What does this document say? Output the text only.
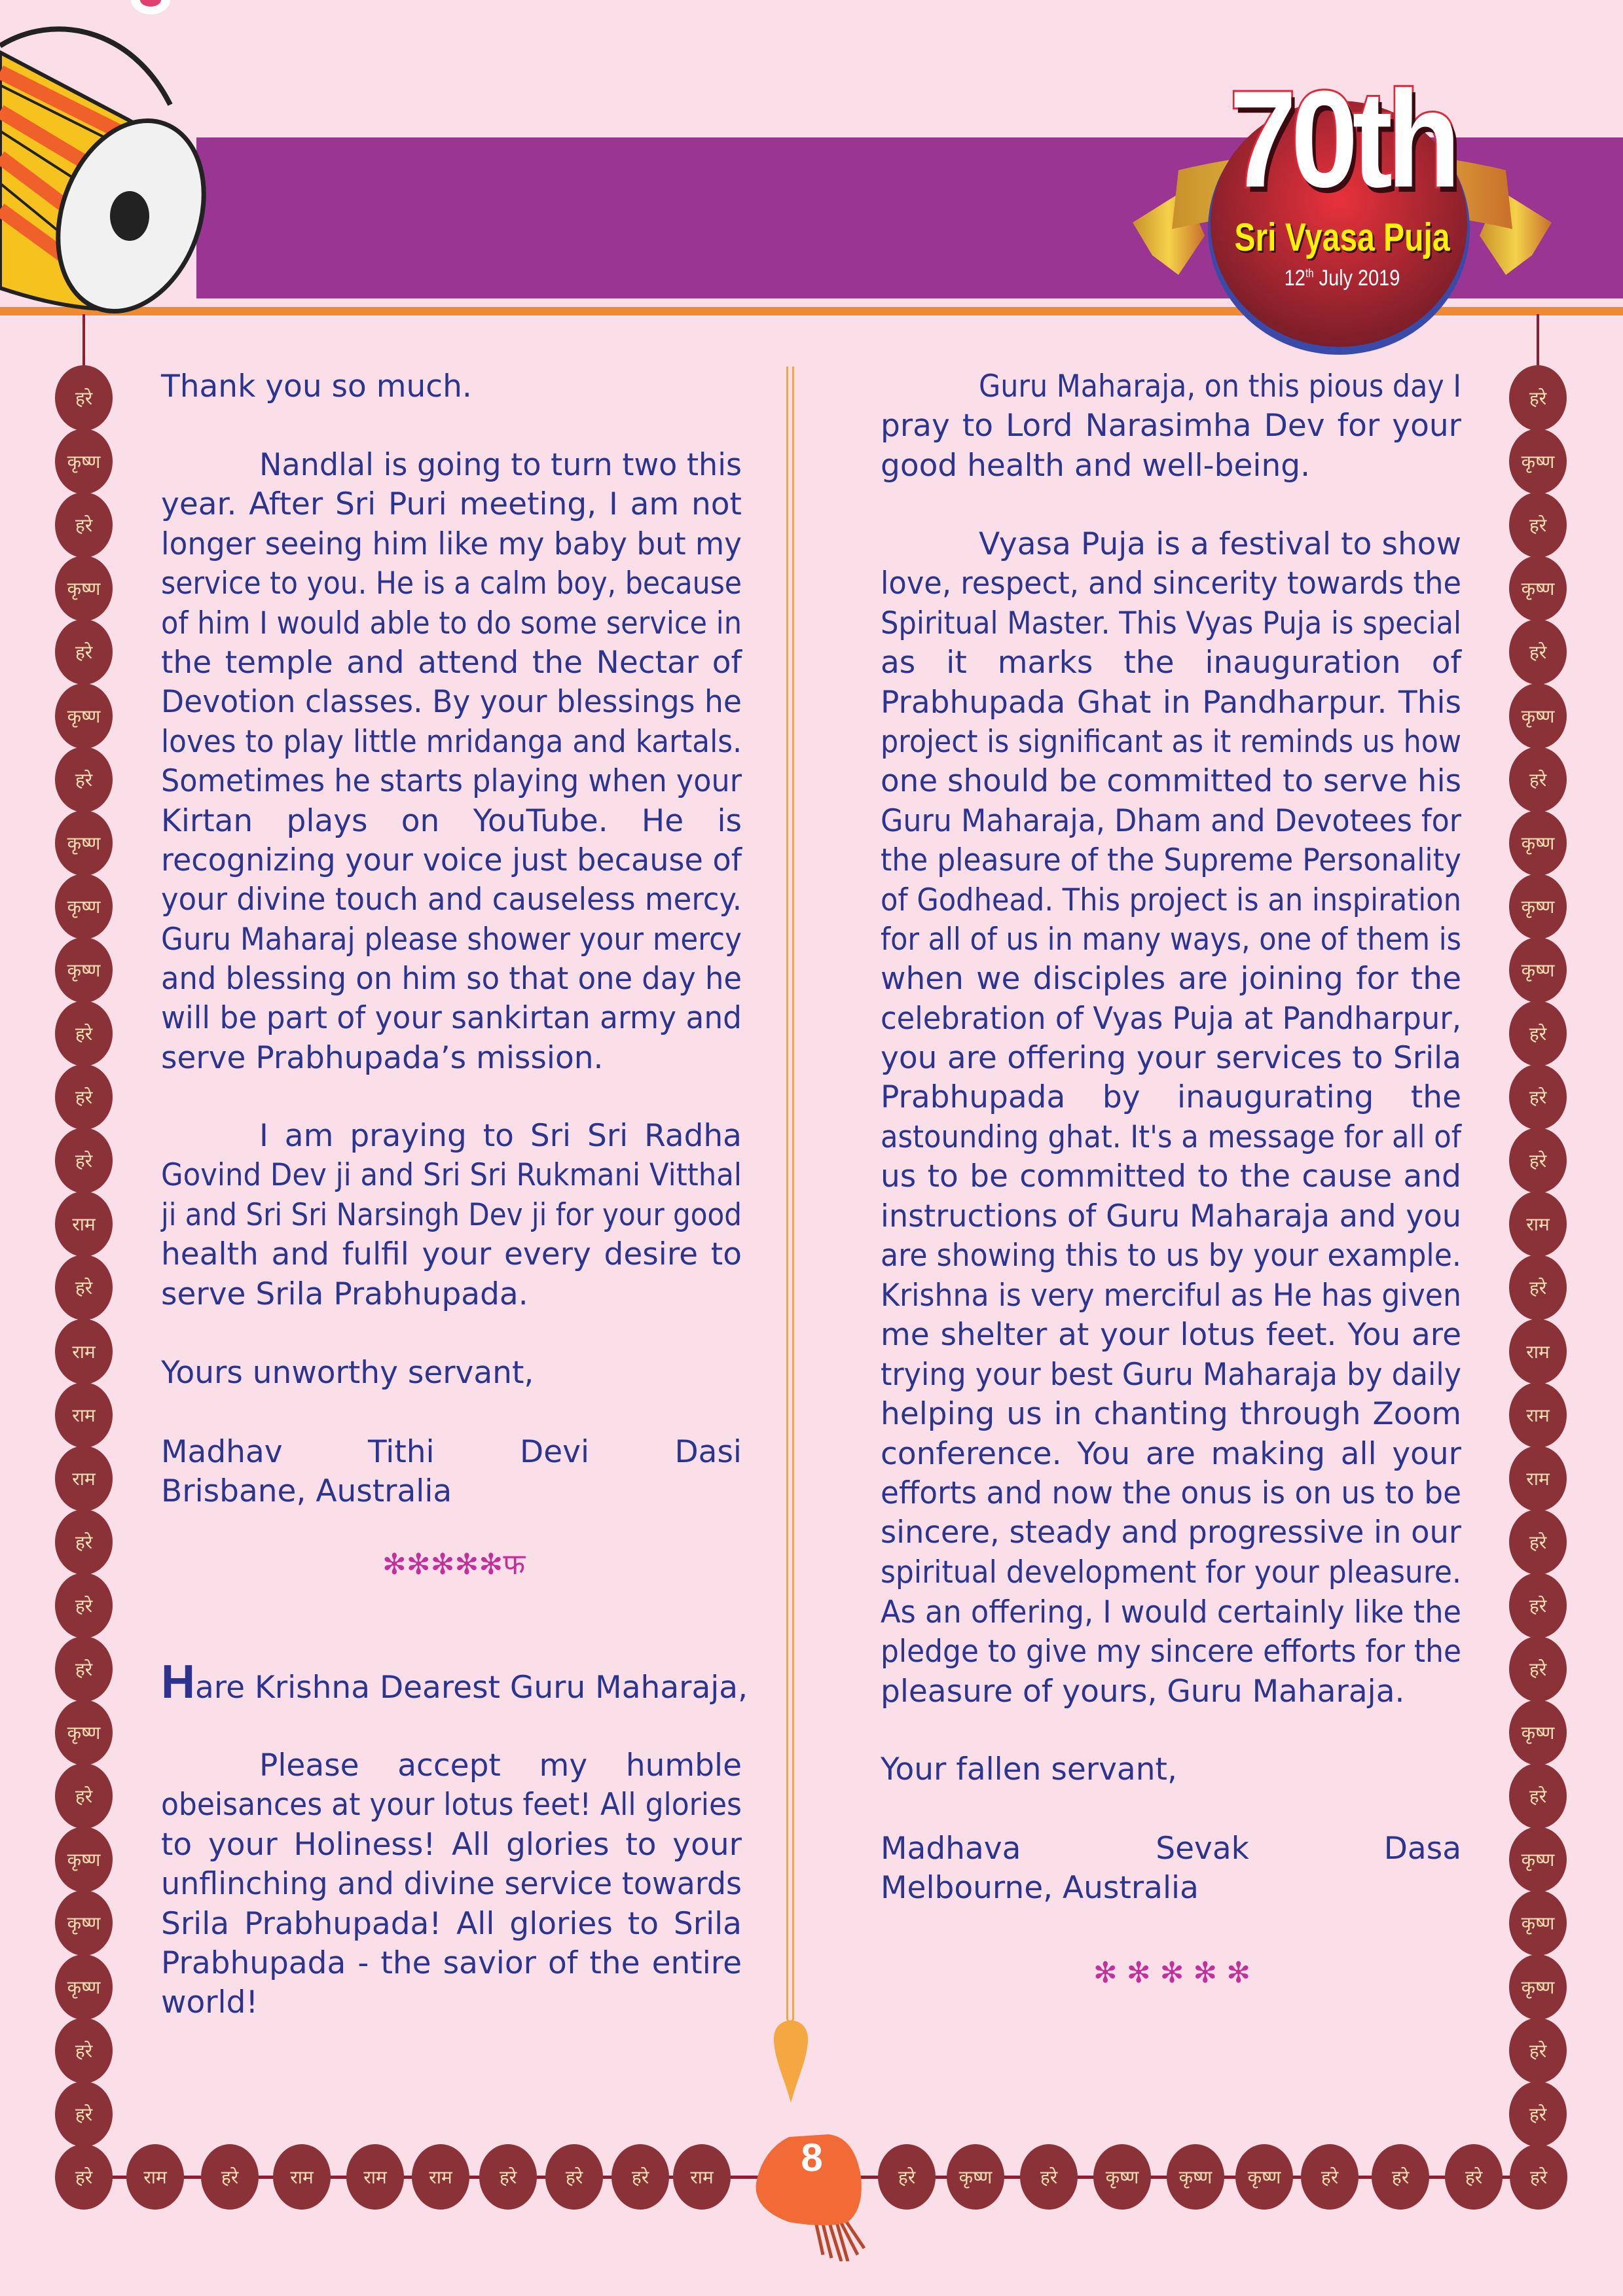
70th
Sri Vyasa Puja
12th July 2019
Thank you so much.
Nandlal is going to turn two this
year. After Sri Puri meeting, I am not
longer seeing him like my baby but my
service to you. He is a calm boy, because
of him I would able to do some service in
the temple and attend the Nectar of
Devotion classes. By your blessings he
loves to play little mridanga and kartals.
Sometimes he starts playing when your
Kirtan plays on YouTube. He is
recognizing your voice just because of
your divine touch and causeless mercy.
Guru Maharaj please shower your mercy
and blessing on him so that one day he
will be part of your sankirtan army and
serve Prabhupada’s mission.
I am praying to Sri Sri Radha
Govind Dev ji and Sri Sri Rukmani Vitthal
ji and Sri Sri Narsingh Dev ji for your good
health and fulfil your every desire to
serve Srila Prabhupada.
Yours unworthy servant,
Madhav Tithi Devi Dasi
Brisbane, Australia
✻✻✻✻✻फ
Hare Krishna Dearest Guru Maharaja,
Please accept my humble
obeisances at your lotus feet! All glories
to your Holiness! All glories to your
unflinching and divine service towards
Srila Prabhupada! All glories to Srila
Prabhupada - the savior of the entire
world!
Guru Maharaja, on this pious day I
pray to Lord Narasimha Dev for your
good health and well-being.
Vyasa Puja is a festival to show
love, respect, and sincerity towards the
Spiritual Master. This Vyas Puja is special
as it marks the inauguration of
Prabhupada Ghat in Pandharpur. This
project is significant as it reminds us how
one should be committed to serve his
Guru Maharaja, Dham and Devotees for
the pleasure of the Supreme Personality
of Godhead. This project is an inspiration
for all of us in many ways, one of them is
when we disciples are joining for the
celebration of Vyas Puja at Pandharpur,
you are offering your services to Srila
Prabhupada by inaugurating the
astounding ghat. It's a message for all of
us to be committed to the cause and
instructions of Guru Maharaja and you
are showing this to us by your example.
Krishna is very merciful as He has given
me shelter at your lotus feet. You are
trying your best Guru Maharaja by daily
helping us in chanting through Zoom
conference. You are making all your
efforts and now the onus is on us to be
sincere, steady and progressive in our
spiritual development for your pleasure.
As an offering, I would certainly like the
pledge to give my sincere efforts for the
pleasure of yours, Guru Maharaja.
Your fallen servant,
Madhava Sevak Dasa
Melbourne, Australia
✻ ✻ ✻ ✻ ✻
हरे
कृष्ण
हरे
कृष्ण
हरे
कृष्ण
हरे
कृष्ण
कृष्ण
कृष्ण
हरे
हरे
हरे
राम
हरे
राम
राम
राम
हरे
हरे
हरे
कृष्ण
हरे
कृष्ण
कृष्ण
कृष्ण
हरे
हरे
हरे
कृष्ण
हरे
कृष्ण
हरे
कृष्ण
हरे
कृष्ण
कृष्ण
कृष्ण
हरे
हरे
हरे
राम
हरे
राम
राम
राम
हरे
हरे
हरे
कृष्ण
हरे
कृष्ण
कृष्ण
कृष्ण
हरे
हरे
हरे	राम	हरे	राम	राम	राम	हरे	हरे	हरे	राम	हरे	कृष्ण	हरे	कृष्ण	कृष्ण	कृष्ण	हरे	हरे	हरे	हरे
8
